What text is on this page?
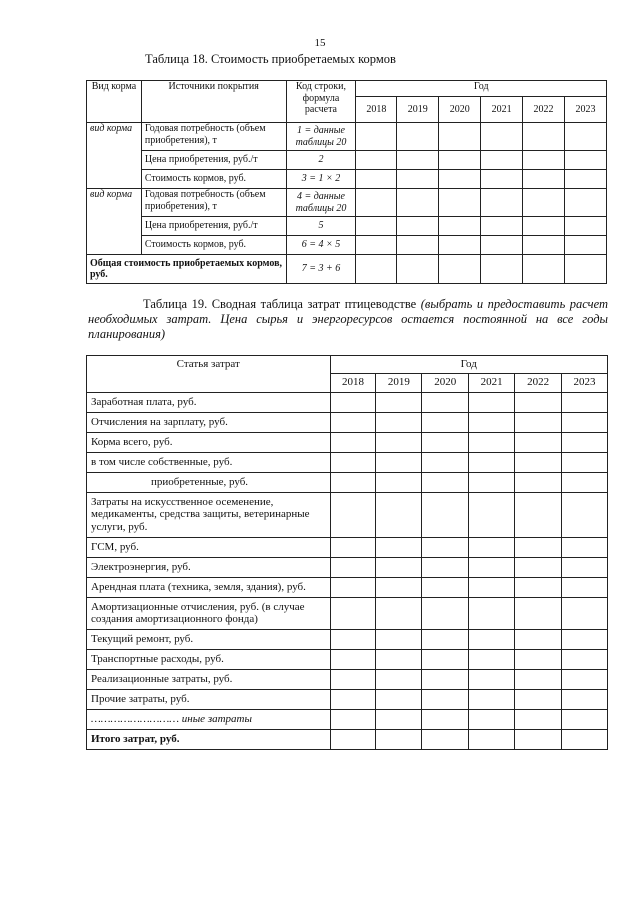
15
Таблица 18. Стоимость приобретаемых кормов
Вид корма	Источники покрытия	Код строки, формула расчета	Год					
			2018	2019	2020	2021	2022	2023
вид корма	Годовая потребность (объем приобретения), т	1 = данные таблицы 20						
	Цена приобретения, руб./т	2						
	Стоимость кормов, руб.	3 = 1 × 2						
вид корма	Годовая потребность (объем приобретения), т	4 = данные таблицы 20						
	Цена приобретения, руб./т	5						
	Стоимость кормов, руб.	6 = 4 × 5						
Общая стоимость приобретаемых кормов, руб.		7 = 3 + 6						
Таблица 19. Сводная таблица затрат птицеводстве (выбрать и предоставить расчет необходимых затрат. Цена сырья и энергоресурсов остается постоянной на все годы планирования)
Статья затрат	Год					
	2018	2019	2020	2021	2022	2023
Заработная плата, руб.						
Отчисления на зарплату, руб.						
Корма всего, руб.						
в том числе собственные, руб.						
приобретенные, руб.						
Затраты на искусственное осеменение, медикаменты, средства защиты, ветеринарные услуги, руб.						
ГСМ, руб.						
Электроэнергия, руб.						
Арендная плата (техника, земля, здания), руб.						
Амортизационные отчисления, руб. (в случае создания амортизационного фонда)						
Текущий ремонт, руб.						
Транспортные расходы, руб.						
Реализационные затраты, руб.						
Прочие затраты, руб.						
……………………… иные затраты						
Итого затрат, руб.						
